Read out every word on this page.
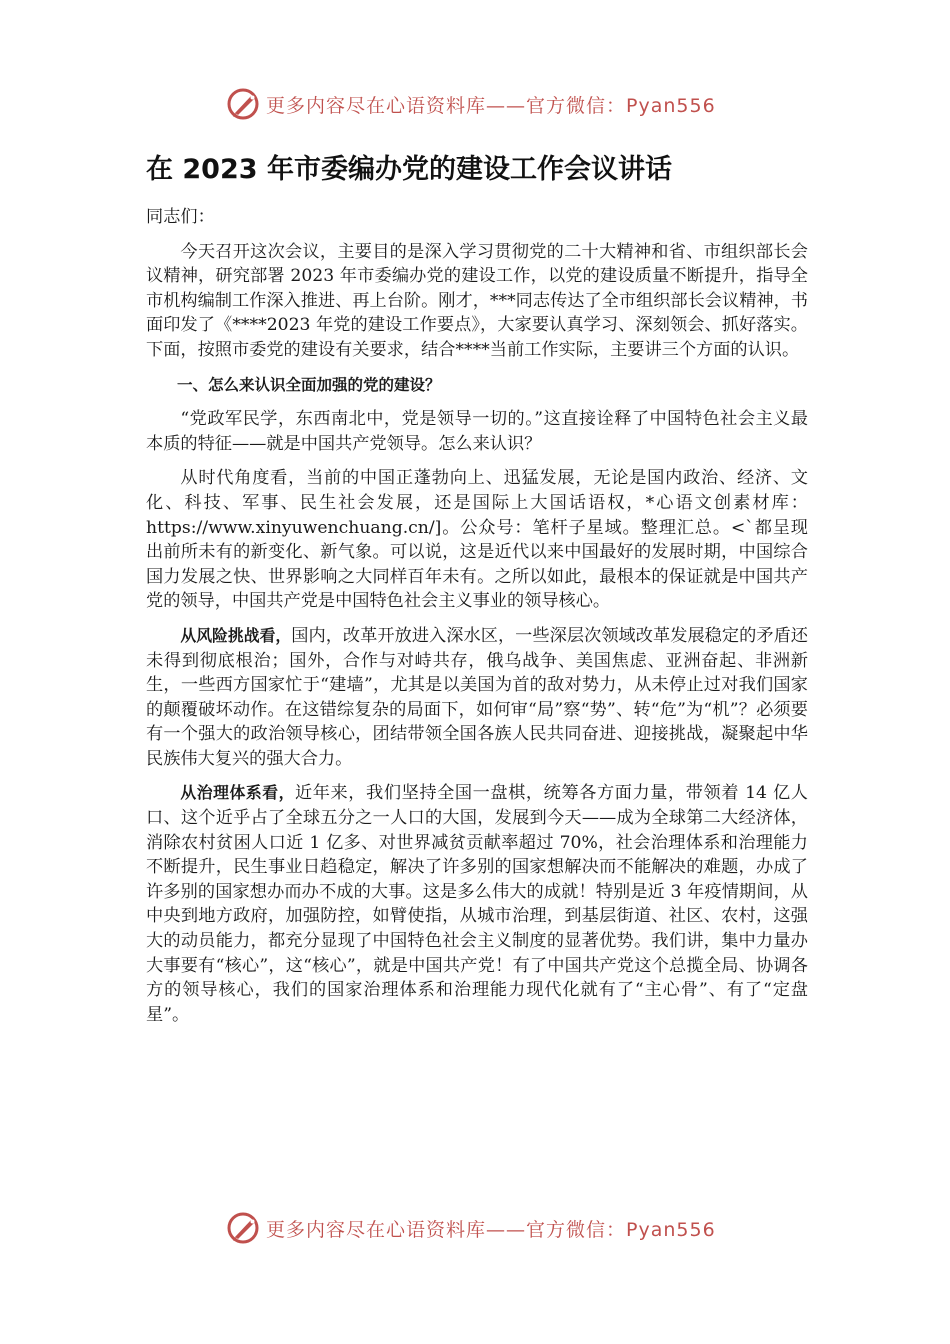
更多内容尽在心语资料库——官方微信：Pyan556
在 2023 年市委编办党的建设工作会议讲话

同志们：

今天召开这次会议，主要目的是深入学习贯彻党的二十大精神和省、市组织部长会议精神，研究部署 2023 年市委编办党的建设工作，以党的建设质量不断提升，指导全市机构编制工作深入推进、再上台阶。刚才，***同志传达了全市组织部长会议精神，书面印发了《****2023 年党的建设工作要点》，大家要认真学习、深刻领会、抓好落实。下面，按照市委党的建设有关要求，结合****当前工作实际，主要讲三个方面的认识。

一、怎么来认识全面加强的党的建设？

“党政军民学，东西南北中，党是领导一切的。”这直接诠释了中国特色社会主义最本质的特征——就是中国共产党领导。怎么来认识？

从时代角度看，当前的中国正蓬勃向上、迅猛发展，无论是国内政治、经济、文化、科技、军事、民生社会发展，还是国际上大国话语权，*心语文创素材库：https://www.xinyuwenchuang.cn/]。公众号：笔杆子星域。整理汇总。<`都呈现出前所未有的新变化、新气象。可以说，这是近代以来中国最好的发展时期，中国综合国力发展之快、世界影响之大同样百年未有。之所以如此，最根本的保证就是中国共产党的领导，中国共产党是中国特色社会主义事业的领导核心。

从风险挑战看，国内，改革开放进入深水区，一些深层次领域改革发展稳定的矛盾还未得到彻底根治；国外，合作与对峙共存，俄乌战争、美国焦虑、亚洲奋起、非洲新生，一些西方国家忙于“建墙”，尤其是以美国为首的敌对势力，从未停止过对我们国家的颠覆破坏动作。在这错综复杂的局面下，如何审“局”察“势”、转“危”为“机”？必须要有一个强大的政治领导核心，团结带领全国各族人民共同奋进、迎接挑战，凝聚起中华民族伟大复兴的强大合力。

从治理体系看，近年来，我们坚持全国一盘棋，统筹各方面力量，带领着 14 亿人口、这个近乎占了全球五分之一人口的大国，发展到今天——成为全球第二大经济体，消除农村贫困人口近 1 亿多、对世界减贫贡献率超过 70%，社会治理体系和治理能力不断提升，民生事业日趋稳定，解决了许多别的国家想解决而不能解决的难题，办成了许多别的国家想办而办不成的大事。这是多么伟大的成就！特别是近 3 年疫情期间，从中央到地方政府，加强防控，如臂使指，从城市治理，到基层街道、社区、农村，这强大的动员能力，都充分显现了中国特色社会主义制度的显著优势。我们讲，集中力量办大事要有“核心”，这“核心”，就是中国共产党！有了中国共产党这个总揽全局、协调各方的领导核心，我们的国家治理体系和治理能力现代化就有了“主心骨”、有了“定盘星”。

更多内容尽在心语资料库——官方微信：Pyan556
